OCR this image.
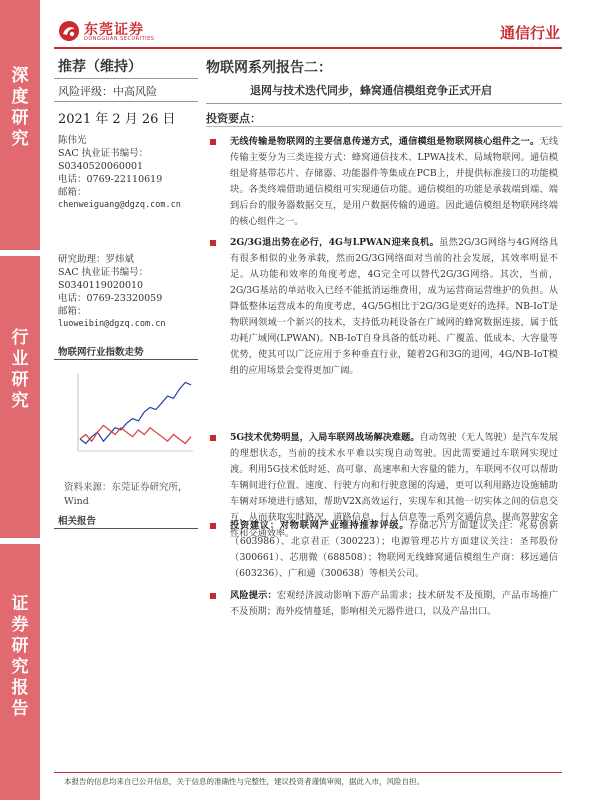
深
度
研
究
行
业
研
究
证
券
研
究
报
告
东莞证券
DONGGUAN SECURITIES	通信行业
推荐（维持）
风险评级：中高风险
2021 年 2 月 26 日
陈伟光
SAC 执业证书编号：
S0340520060001
电话：0769-22110619
邮箱：
chenweiguang@dgzq.com.cn
研究助理：罗炜斌
SAC 执业证书编号：
S0340119020010
电话：0769-23320059
邮箱：
luoweibin@dgzq.com.cn
物联网行业指数走势
资料来源：东莞证券研究所，Wind
相关报告
物联网系列报告二：
退网与技术迭代同步，蜂窝通信模组竞争正式开启
投资要点：
无线传输是物联网的主要信息传递方式，通信模组是物联网核心组件之一。无线传输主要分为三类连接方式：蜂窝通信技术、LPWA技术、局域物联网。通信模组是将基带芯片、存储器、功能器件等集成在PCB上，并提供标准接口的功能模块。各类终端借助通信模组可实现通信功能。通信模组的功能是承载端到端、端到后台的服务器数据交互，是用户数据传输的通道。因此通信模组是物联网终端的核心组件之一。
2G/3G退出势在必行，4G与LPWAN迎来良机。虽然2G/3G网络与4G网络具有很多相似的业务承载，然而2G/3G网络面对当前的社会发展，其效率明显不足。从功能和效率的角度考虑，4G完全可以替代2G/3G网络。其次，当前，2G/3G基站的单站收入已经不能抵消运维费用，成为运营商运营维护的负担。从降低整体运营成本的角度考虑，4G/5G相比于2G/3G是更好的选择。NB-IoT是物联网领域一个新兴的技术，支持低功耗设备在广域网的蜂窝数据连接，属于低功耗广域网(LPWAN)。NB-IoT自身具备的低功耗、广覆盖、低成本、大容量等优势，使其可以广泛应用于多种垂直行业，随着2G和3G的退网，4G/NB-IoT模组的应用场景会变得更加广阔。
5G技术优势明显，入局车联网战场解决难题。自动驾驶（无人驾驶）是汽车发展的理想状态，当前的技术水平难以实现自动驾驶。因此需要通过车联网实现过渡。利用5G技术低时延、高可靠、高速率和大容量的能力，车联网不仅可以帮助车辆间进行位置、速度、行驶方向和行驶意图的沟通，更可以利用路边设施辅助车辆对环境进行感知，帮助V2X高效运行，实现车和其他一切实体之间的信息交互，从而获取实时路况、道路信息、行人信息等一系列交通信息，提高驾驶安全性和交通效率。
投资建议：对物联网产业维持推荐评级。存储芯片方面建议关注：兆易创新（603986）、北京君正（300223）；电源管理芯片方面建议关注：圣邦股份（300661）、芯朋微（688508）；物联网无线蜂窝通信模组生产商：移远通信（603236）、广和通（300638）等相关公司。
风险提示：宏观经济波动影响下游产品需求；技术研发不及预期，产品市场推广不及预期；海外疫情蔓延，影响相关元器件进口，以及产品出口。
本报告的信息均来自已公开信息，关于信息的准确性与完整性，建议投资者谨慎审阅，据此入市，风险自担。
